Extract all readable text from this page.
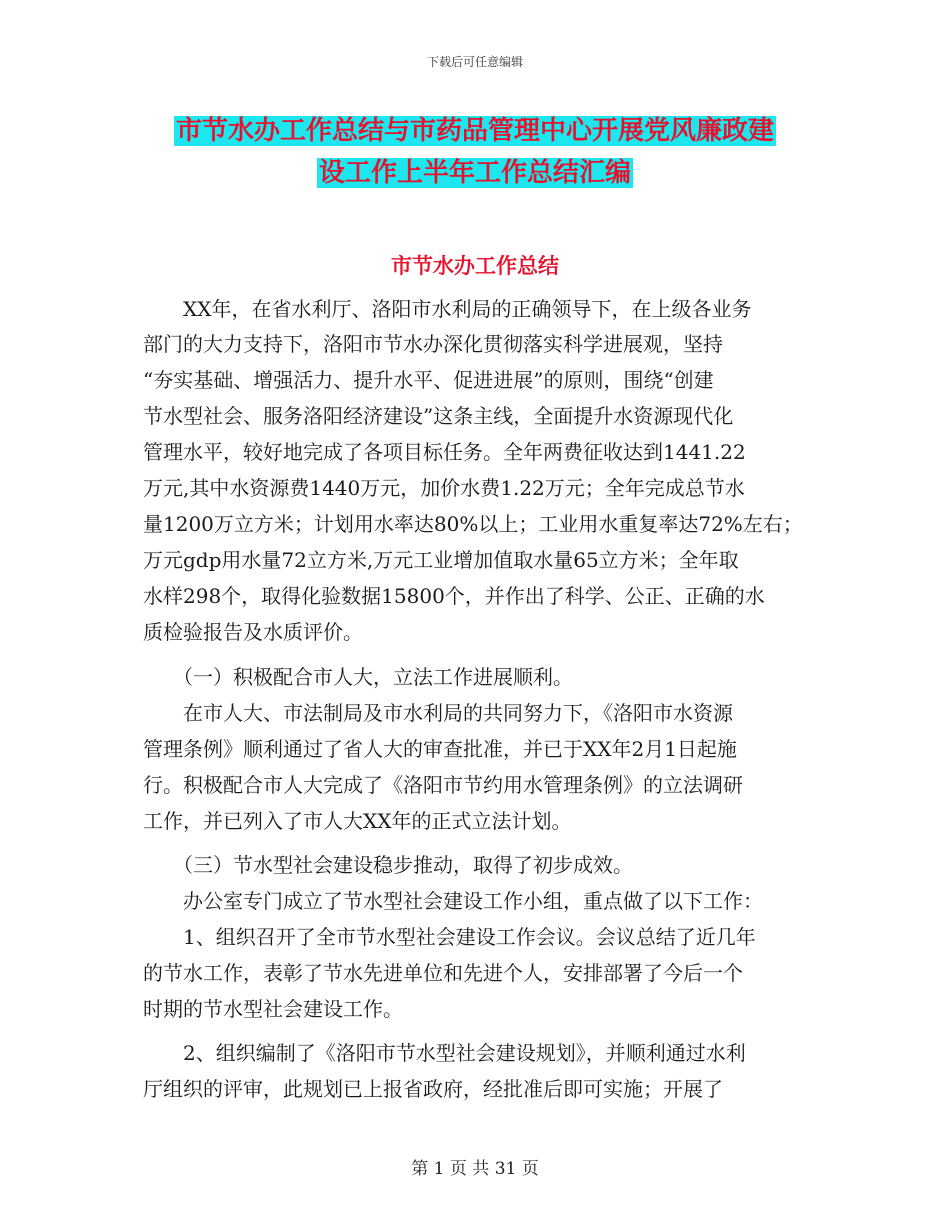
下载后可任意编辑
市节水办工作总结与市药品管理中心开展党风廉政建
设工作上半年工作总结汇编
市节水办工作总结
　　XX年，在省水利厅、洛阳市水利局的正确领导下，在上级各业务
部门的大力支持下，洛阳市节水办深化贯彻落实科学进展观，坚持
“夯实基础、增强活力、提升水平、促进进展”的原则，围绕“创建
节水型社会、服务洛阳经济建设”这条主线，全面提升水资源现代化
管理水平，较好地完成了各项目标任务。全年两费征收达到1441.22
万元,其中水资源费1440万元，加价水费1.22万元；全年完成总节水
量1200万立方米；计划用水率达80%以上；工业用水重复率达72%左右；
万元gdp用水量72立方米,万元工业增加值取水量65立方米；全年取
水样298个，取得化验数据15800个，并作出了科学、公正、正确的水
质检验报告及水质评价。
　　（一）积极配合市人大，立法工作进展顺利。
　　在市人大、市法制局及市水利局的共同努力下，《洛阳市水资源
管理条例》顺利通过了省人大的审查批准，并已于XX年2月1日起施
行。积极配合市人大完成了《洛阳市节约用水管理条例》的立法调研
工作，并已列入了市人大XX年的正式立法计划。
　　（三）节水型社会建设稳步推动，取得了初步成效。
　　办公室专门成立了节水型社会建设工作小组，重点做了以下工作：
　　1、组织召开了全市节水型社会建设工作会议。会议总结了近几年
的节水工作，表彰了节水先进单位和先进个人，安排部署了今后一个
时期的节水型社会建设工作。
　　2、组织编制了《洛阳市节水型社会建设规划》，并顺利通过水利
厅组织的评审，此规划已上报省政府，经批准后即可实施；开展了
第 1 页 共 31 页
